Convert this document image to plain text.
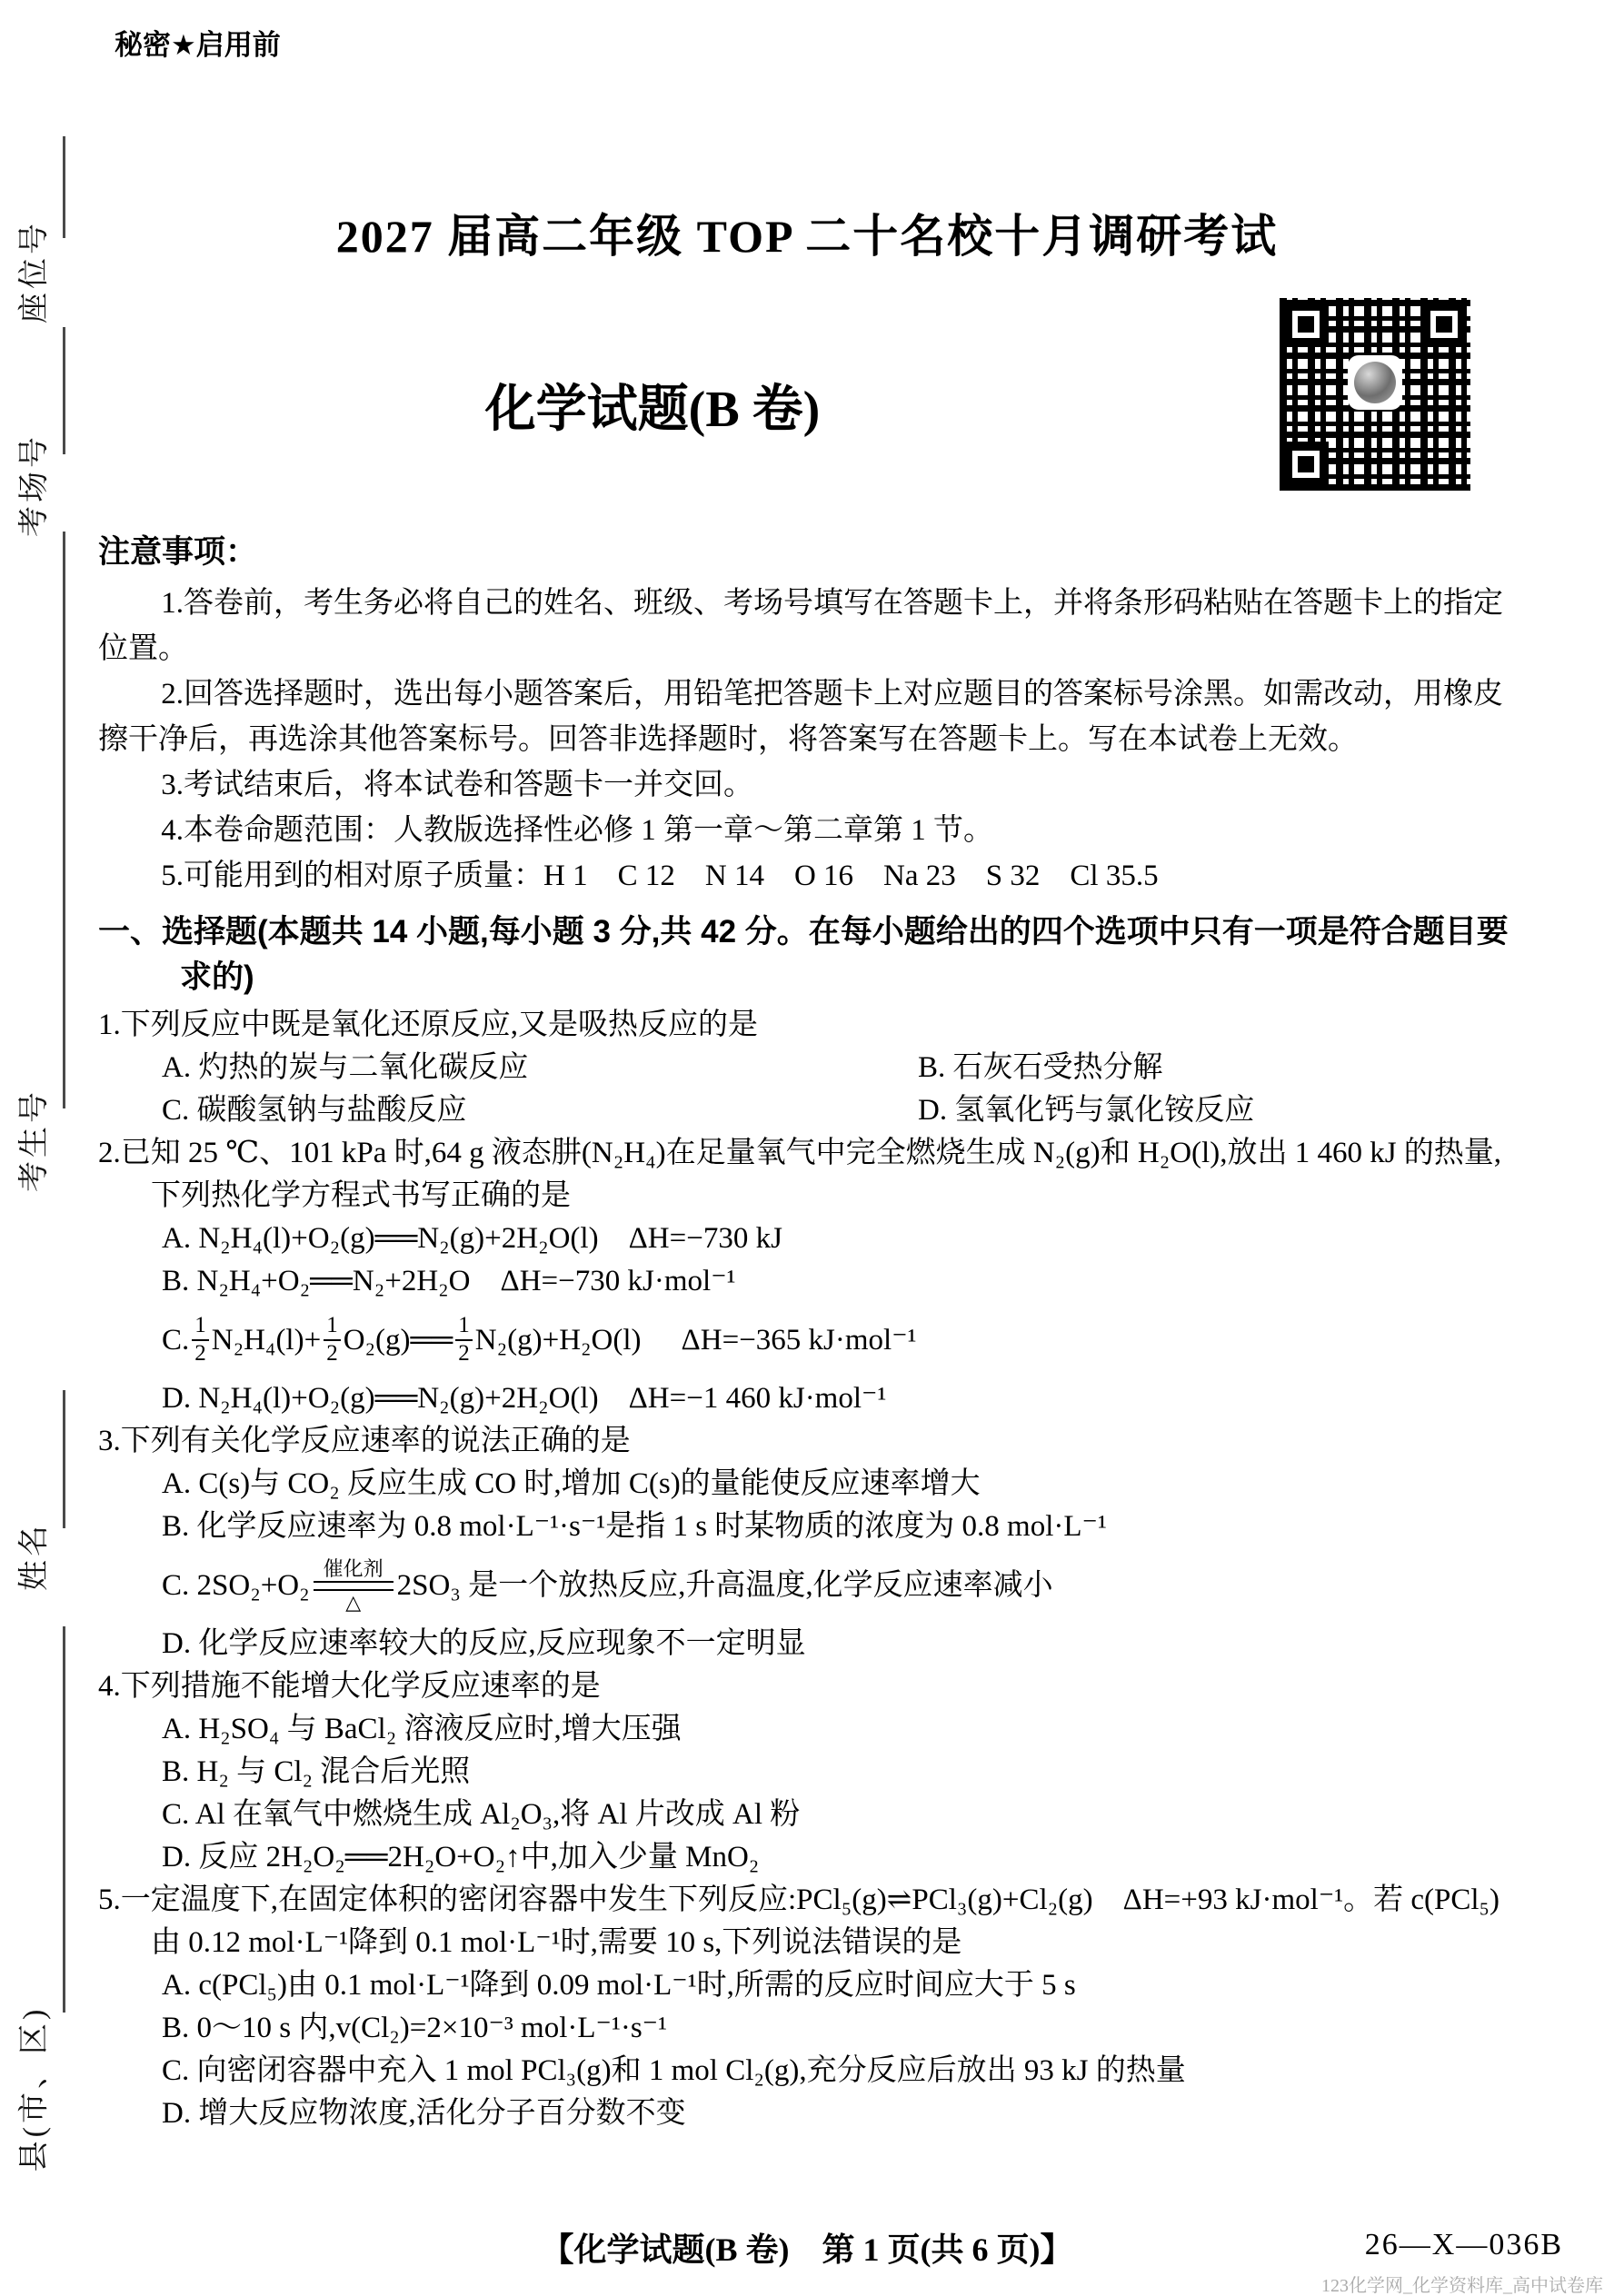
座位号
考场号
考生号
姓名
县(市、区)
秘密★启用前
2027 届高二年级 TOP 二十名校十月调研考试
化学试题(B 卷)
注意事项：

1.答卷前，考生务必将自己的姓名、班级、考场号填写在答题卡上，并将条形码粘贴在答题卡上的指定位置。

2.回答选择题时，选出每小题答案后，用铅笔把答题卡上对应题目的答案标号涂黑。如需改动，用橡皮擦干净后，再选涂其他答案标号。回答非选择题时，将答案写在答题卡上。写在本试卷上无效。

3.考试结束后，将本试卷和答题卡一并交回。

4.本卷命题范围：人教版选择性必修 1 第一章～第二章第 1 节。

5.可能用到的相对原子质量：H 1　C 12　N 14　O 16　Na 23　S 32　Cl 35.5

一、选择题(本题共 14 小题,每小题 3 分,共 42 分。在每小题给出的四个选项中只有一项是符合题目要求的)
1.下列反应中既是氧化还原反应,又是吸热反应的是
A. 灼热的炭与二氧化碳反应	B. 石灰石受热分解
C. 碳酸氢钠与盐酸反应	D. 氢氧化钙与氯化铵反应
2.已知 25 ℃、101 kPa 时,64 g 液态肼(N₂H₄)在足量氧气中完全燃烧生成 N₂(g)和 H₂O(l),放出 1 460 kJ 的热量,下列热化学方程式书写正确的是
A. N₂H₄(l)+O₂(g)══N₂(g)+2H₂O(l)　ΔH=−730 kJ
B. N₂H₄+O₂══N₂+2H₂O　ΔH=−730 kJ·mol⁻¹
C. $\frac{1}{2} N_2H_4(l)+ \frac{1}{2}$ O₂(g)══ $\frac{1}{2} N_2(g)+H_2O(l)$ ΔH=−365 kJ·mol⁻¹
D. N₂H₄(l)+O₂(g)══N₂(g)+2H₂O(l)　ΔH=−1 460 kJ·mol⁻¹
3.下列有关化学反应速率的说法正确的是
A. C(s)与 CO₂ 反应生成 CO 时,增加 C(s)的量能使反应速率增大
B. 化学反应速率为 0.8 mol·L⁻¹·s⁻¹是指 1 s 时某物质的浓度为 0.8 mol·L⁻¹
C. 2SO₂+O₂ 催化剂
△
2SO₃ 是一个放热反应,升高温度,化学反应速率减小
D. 化学反应速率较大的反应,反应现象不一定明显
4.下列措施不能增大化学反应速率的是
A. H₂SO₄ 与 BaCl₂ 溶液反应时,增大压强
B. H₂ 与 Cl₂ 混合后光照
C. Al 在氧气中燃烧生成 Al₂O₃,将 Al 片改成 Al 粉
D. 反应 2H₂O₂══2H₂O+O₂↑中,加入少量 MnO₂
5.一定温度下,在固定体积的密闭容器中发生下列反应:PCl₅(g)⇌PCl₃(g)+Cl₂(g)　ΔH=+93 kJ·mol⁻¹。若 c(PCl₅)由 0.12 mol·L⁻¹降到 0.1 mol·L⁻¹时,需要 10 s,下列说法错误的是
A. c(PCl₅)由 0.1 mol·L⁻¹降到 0.09 mol·L⁻¹时,所需的反应时间应大于 5 s
B. 0～10 s 内,v(Cl₂)=2×10⁻³ mol·L⁻¹·s⁻¹
C. 向密闭容器中充入 1 mol PCl₃(g)和 1 mol Cl₂(g),充分反应后放出 93 kJ 的热量
D. 增大反应物浓度,活化分子百分数不变
【化学试题(B 卷)　第 1 页(共 6 页)】	26—X—036B
123化学网_化学资料库_高中试卷库
